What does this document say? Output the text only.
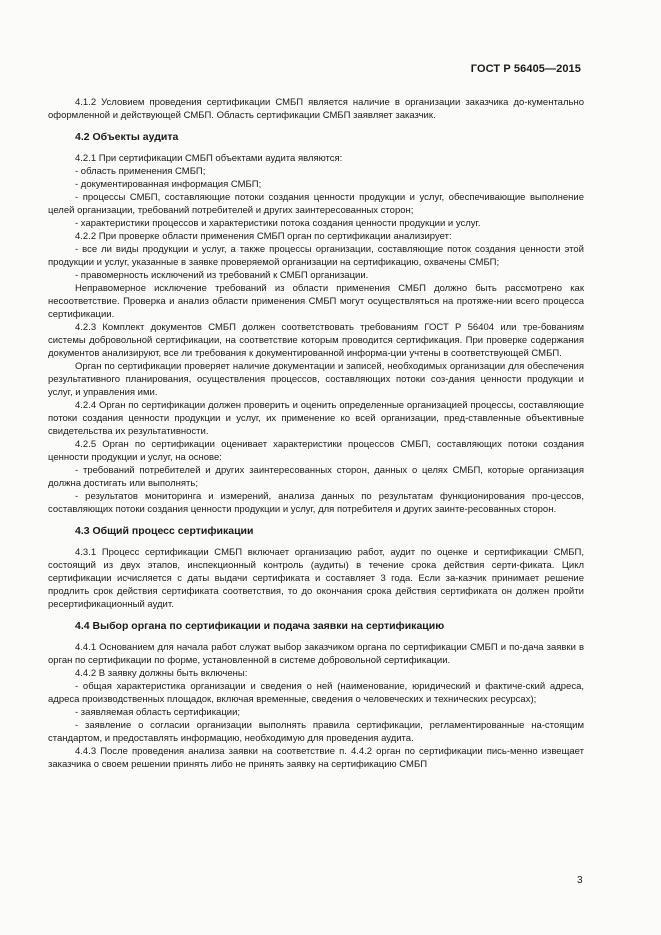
ГОСТ Р 56405—2015

4.1.2 Условием проведения сертификации СМБП является наличие в организации заказчика до-кументально оформленной и действующей СМБП. Область сертификации СМБП заявляет заказчик.

4.2 Объекты аудита

4.2.1 При сертификации СМБП объектами аудита являются:

- область применения СМБП;

- документированная информация СМБП;

- процессы СМБП, составляющие потоки создания ценности продукции и услуг, обеспечивающие выполнение целей организации, требований потребителей и других заинтересованных сторон;

- характеристики процессов и характеристики потока создания ценности продукции и услуг.

4.2.2 При проверке области применения СМБП орган по сертификации анализирует:

- все ли виды продукции и услуг, а также процессы организации, составляющие поток создания ценности этой продукции и услуг, указанные в заявке проверяемой организации на сертификацию, охвачены СМБП;

- правомерность исключений из требований к СМБП организации.

Неправомерное исключение требований из области применения СМБП должно быть рассмотрено как несоответствие. Проверка и анализ области применения СМБП могут осуществляться на протяже-нии всего процесса сертификации.

4.2.3 Комплект документов СМБП должен соответствовать требованиям ГОСТ Р 56404 или тре-бованиям системы добровольной сертификации, на соответствие которым проводится сертификация. При проверке содержания документов анализируют, все ли требования к документированной информа-ции учтены в соответствующей СМБП.

Орган по сертификации проверяет наличие документации и записей, необходимых организации для обеспечения результативного планирования, осуществления процессов, составляющих потоки соз-дания ценности продукции и услуг, и управления ими.

4.2.4 Орган по сертификации должен проверить и оценить определенные организацией процессы, составляющие потоки создания ценности продукции и услуг, их применение ко всей организации, пред-ставленные объективные свидетельства их результативности.

4.2.5 Орган по сертификации оценивает характеристики процессов СМБП, составляющих потоки создания ценности продукции и услуг, на основе:

- требований потребителей и других заинтересованных сторон, данных о целях СМБП, которые организация должна достигать или выполнять;

- результатов мониторинга и измерений, анализа данных по результатам функционирования про-цессов, составляющих потоки создания ценности продукции и услуг, для потребителя и других заинте-ресованных сторон.

4.3 Общий процесс сертификации

4.3.1 Процесс сертификации СМБП включает организацию работ, аудит по оценке и сертификации СМБП, состоящий из двух этапов, инспекционный контроль (аудиты) в течение срока действия серти-фиката. Цикл сертификации исчисляется с даты выдачи сертификата и составляет 3 года. Если за-казчик принимает решение продлить срок действия сертификата соответствия, то до окончания срока действия сертификата он должен пройти ресертификационный аудит.

4.4 Выбор органа по сертификации и подача заявки на сертификацию

4.4.1 Основанием для начала работ служат выбор заказчиком органа по сертификации СМБП и по-дача заявки в орган по сертификации по форме, установленной в системе добровольной сертификации.

4.4.2 В заявку должны быть включены:

- общая характеристика организации и сведения о ней (наименование, юридический и фактиче-ский адреса, адреса производственных площадок, включая временные, сведения о человеческих и технических ресурсах);

- заявляемая область сертификации;

- заявление о согласии организации выполнять правила сертификации, регламентированные на-стоящим стандартом, и предоставлять информацию, необходимую для проведения аудита.

4.4.3 После проведения анализа заявки на соответствие п. 4.4.2 орган по сертификации пись-менно извещает заказчика о своем решении принять либо не принять заявку на сертификацию СМБП

3
